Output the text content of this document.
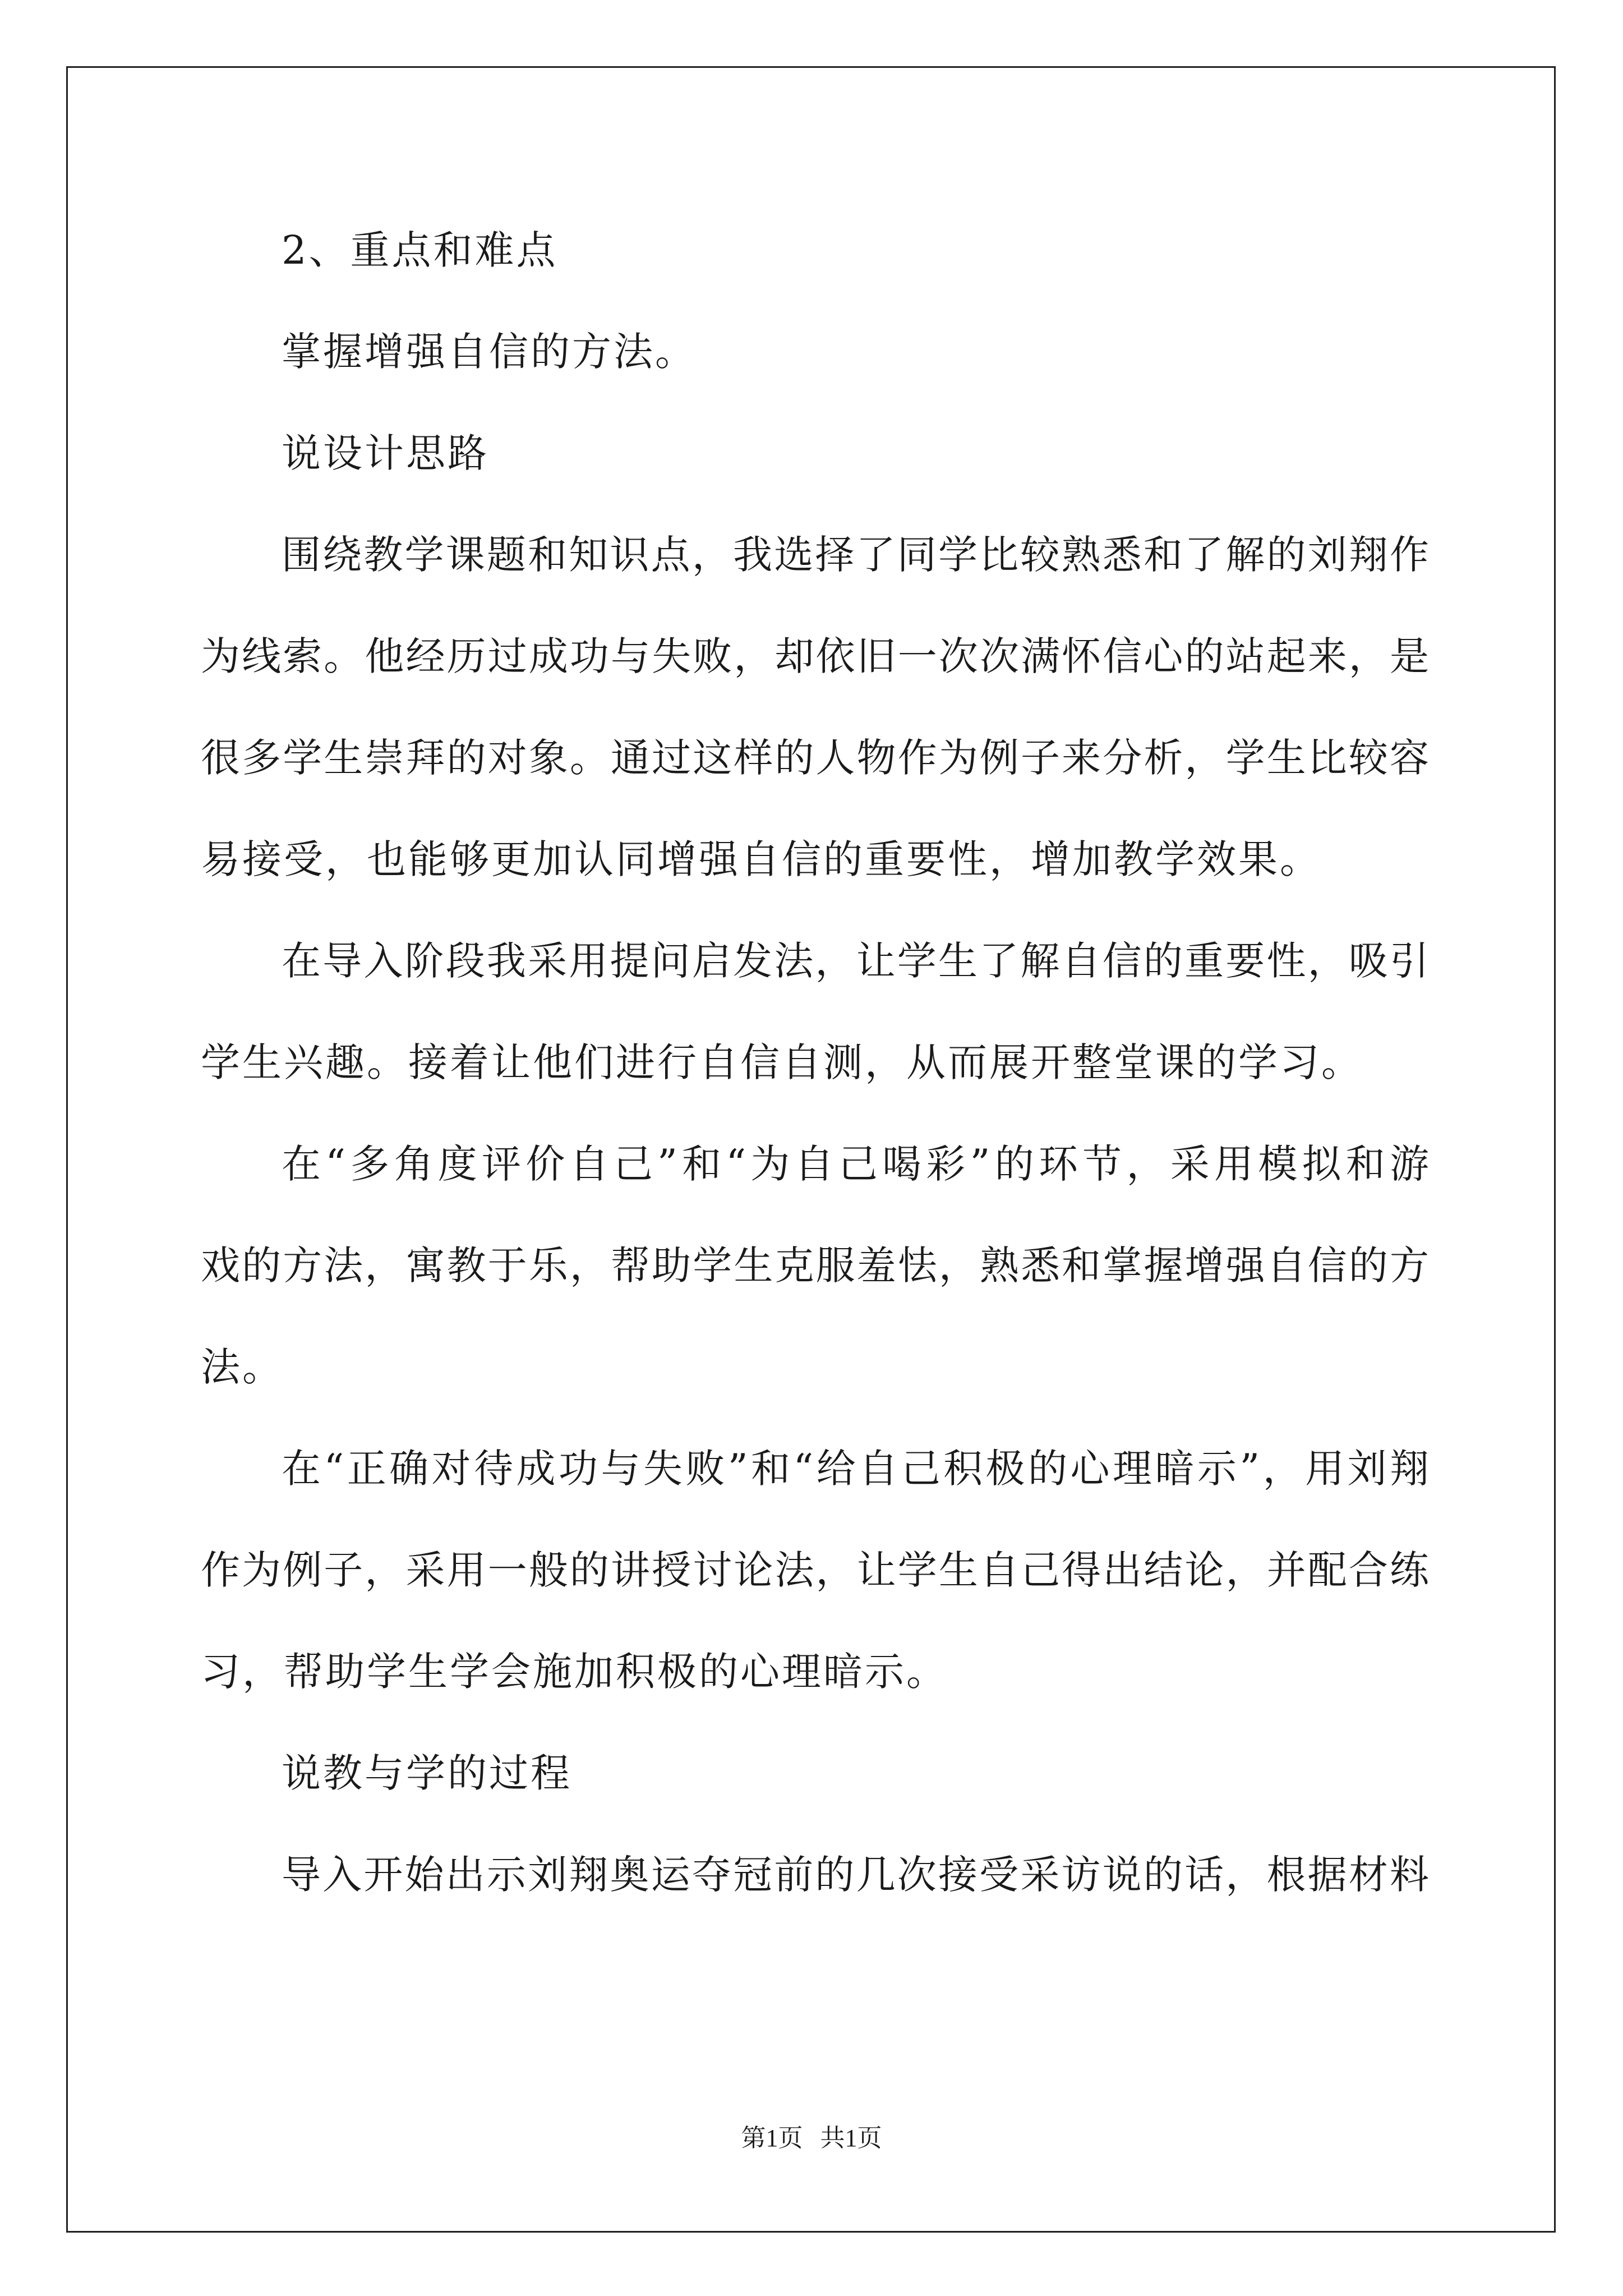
2、重点和难点
掌握增强自信的方法。
说设计思路
围绕教学课题和知识点，我选择了同学比较熟悉和了解的刘翔作
为线索。他经历过成功与失败，却依旧一次次满怀信心的站起来，是
很多学生崇拜的对象。通过这样的人物作为例子来分析，学生比较容
易接受，也能够更加认同增强自信的重要性，增加教学效果。
在导入阶段我采用提问启发法，让学生了解自信的重要性，吸引
学生兴趣。接着让他们进行自信自测，从而展开整堂课的学习。
在“多角度评价自己”和“为自己喝彩”的环节，采用模拟和游
戏的方法，寓教于乐，帮助学生克服羞怯，熟悉和掌握增强自信的方
法。
在“正确对待成功与失败”和“给自己积极的心理暗示”，用刘翔
作为例子，采用一般的讲授讨论法，让学生自己得出结论，并配合练
习，帮助学生学会施加积极的心理暗示。
说教与学的过程
导入开始出示刘翔奥运夺冠前的几次接受采访说的话，根据材料
第1页 共1页
